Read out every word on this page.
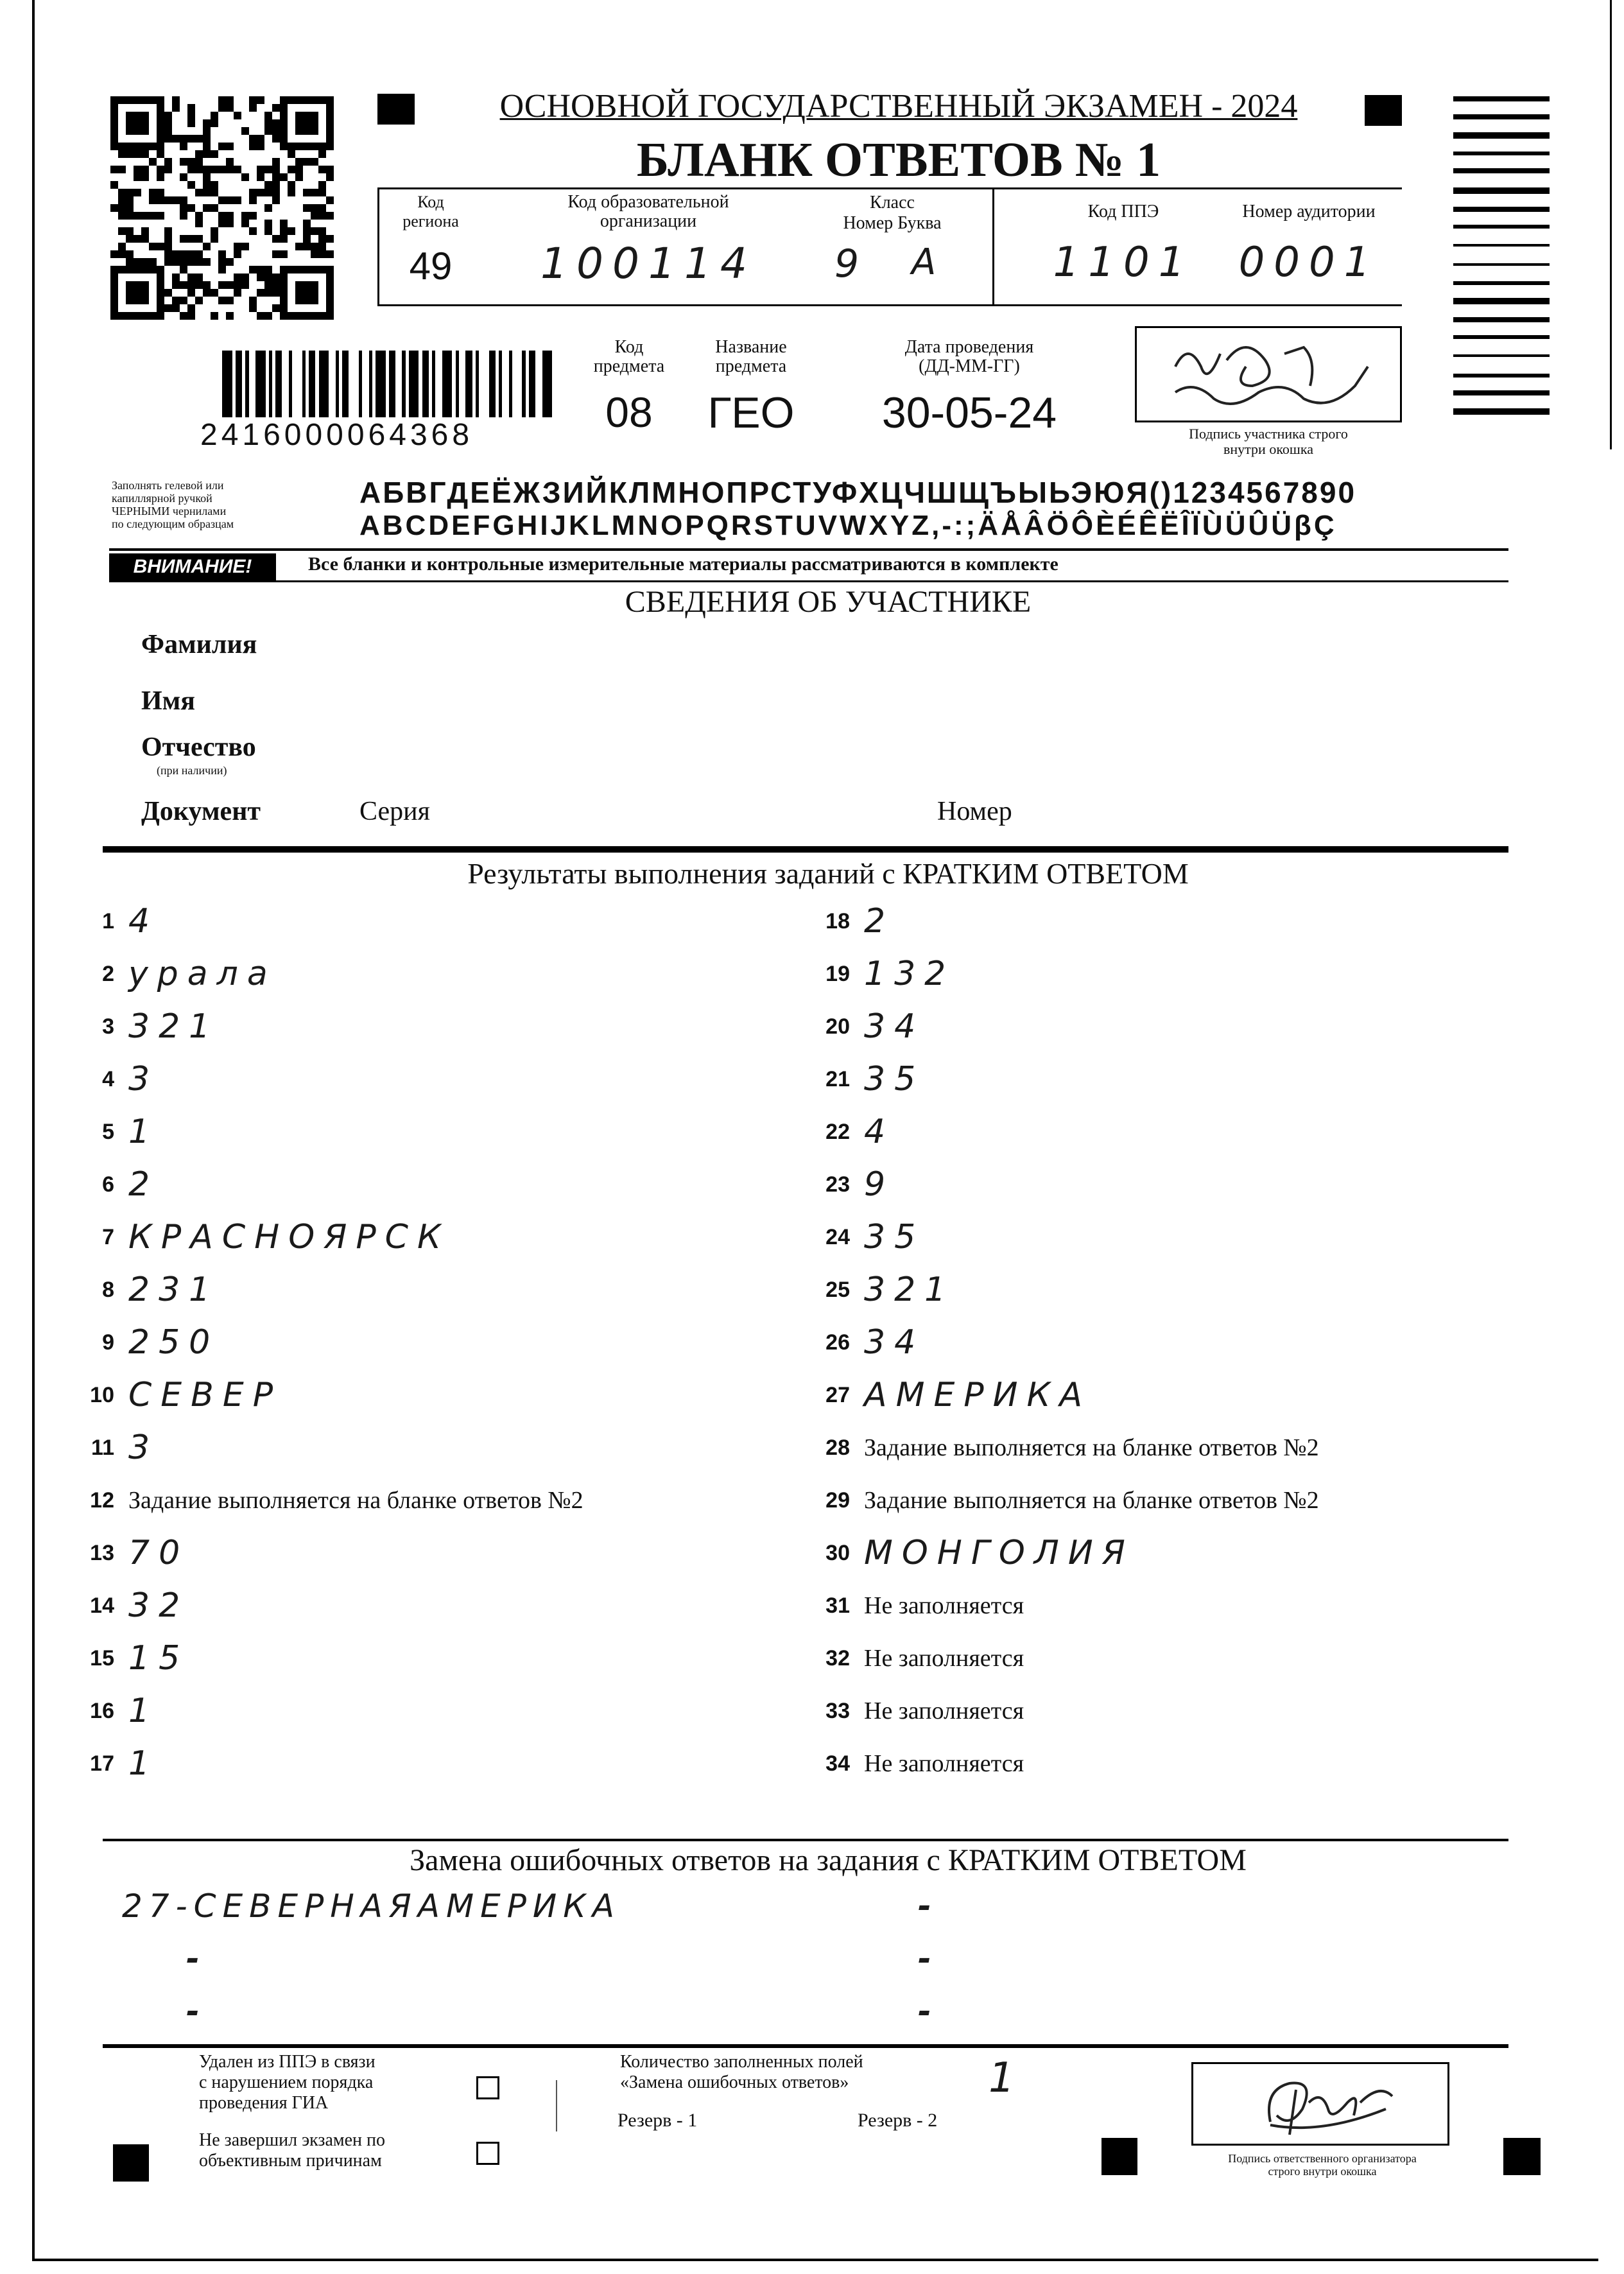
ОСНОВНОЙ ГОСУДАРСТВЕННЫЙ ЭКЗАМЕН - 2024
БЛАНК ОТВЕТОВ № 1
Код
региона
49
Код образовательной
организации
100114
Класс
Номер Буква
9 А
Код ППЭ
1101
Номер аудитории
0001
2416000064368
Код
предмета
08
Название
предмета
ГЕО
Дата проведения
(ДД-ММ-ГГ)
30-05-24	Подпись участника строго
внутри окошка
Заполнять гелевой или
капиллярной ручкой
ЧЕРНЫМИ чернилами
по следующим образцам
АБВГДЕЁЖЗИЙКЛМНОПРСТУФХЦЧШЩЪЫЬЭЮЯ()1234567890
ABCDEFGHIJKLMNOPQRSTUVWXYZ,-:;ÄÅÂÖÔÈÉÊËÎÏÙÜÛÜβÇ
ВНИМАНИЕ!	Все бланки и контрольные измерительные материалы рассматриваются в комплекте
СВЕДЕНИЯ ОБ УЧАСТНИКЕ
Фамилия
Имя
Отчество
(при наличии)
Документ	Серия	Номер
Результаты выполнения заданий с КРАТКИМ ОТВЕТОМ
1 4
2 урала
3 321
4 3
5 1
6 2
7 КРАСНОЯРСК
8 231
9 250
10 СЕВЕР
11 3
12 Задание выполняется на бланке ответов №2
13 70
14 32
15 15
16 1
17 1
18 2
19 132
20 34
21 35
22 4
23 9
24 35
25 321
26 34
27 АМЕРИКА
28 Задание выполняется на бланке ответов №2
29 Задание выполняется на бланке ответов №2
30 МОНГОЛИЯ
31 Не заполняется
32 Не заполняется
33 Не заполняется
34 Не заполняется
Замена ошибочных ответов на задания с КРАТКИМ ОТВЕТОМ
27-СЕВЕРНАЯАМЕРИКА	-
-	-
-	-
Удален из ППЭ в связи
с нарушением порядка
проведения ГИА
Не завершил экзамен по
объективным причинам
Количество заполненных полей
«Замена ошибочных ответов»	1
Резерв - 1	Резерв - 2
Подпись ответственного организатора
строго внутри окошка
